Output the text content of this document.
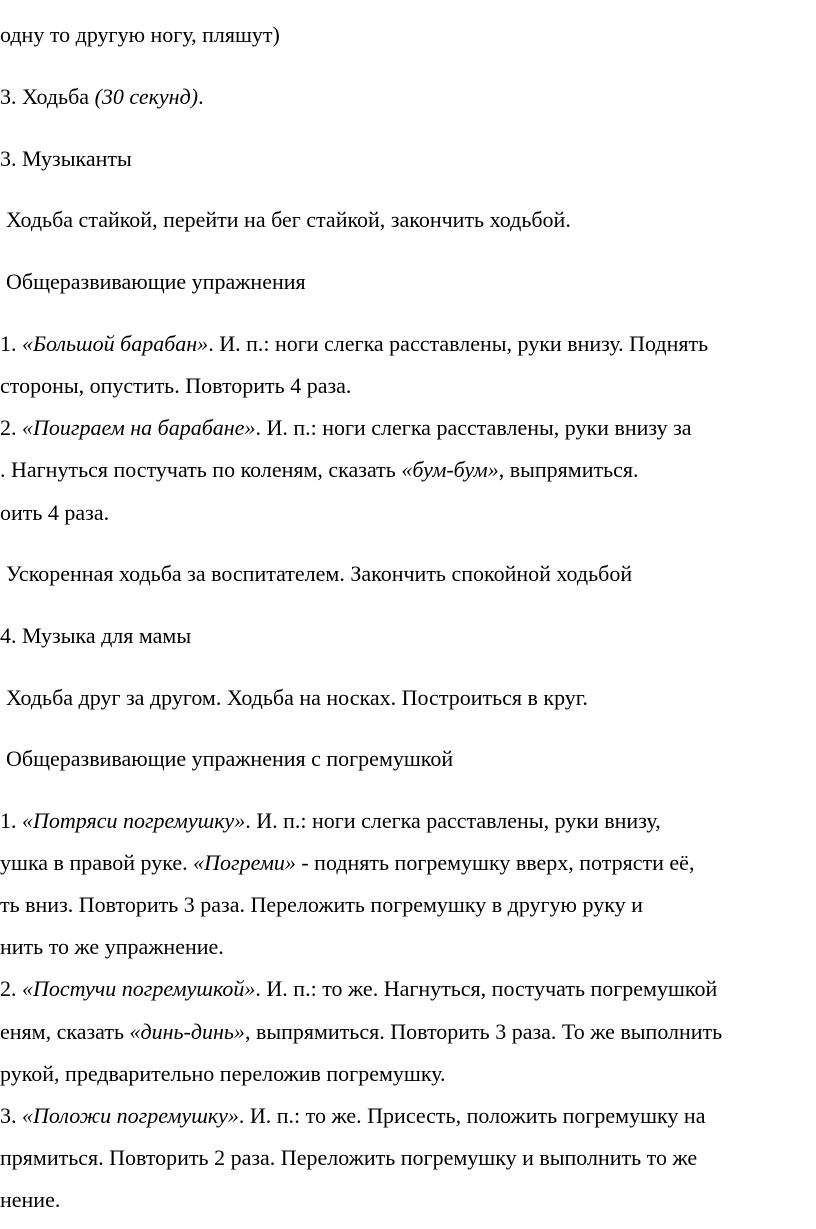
одну то другую ногу, пляшут)
3. Ходьба (30 секунд).
3. Музыканты
Ходьба стайкой, перейти на бег стайкой, закончить ходьбой.
Общеразвивающие упражнения
1. «Большой барабан». И. п.: ноги слегка расставлены, руки внизу. Поднять
стороны, опустить. Повторить 4 раза.
2. «Поиграем на барабане». И. п.: ноги слегка расставлены, руки внизу за
. Нагнуться постучать по коленям, сказать «бум-бум», выпрямиться.
оить 4 раза.
Ускоренная ходьба за воспитателем. Закончить спокойной ходьбой
4. Музыка для мамы
Ходьба друг за другом. Ходьба на носках. Построиться в круг.
Общеразвивающие упражнения с погремушкой
1. «Потряси погремушку». И. п.: ноги слегка расставлены, руки внизу,
ушка в правой руке. «Погреми» - поднять погремушку вверх, потрясти её,
ть вниз. Повторить 3 раза. Переложить погремушку в другую руку и
нить то же упражнение.
2. «Постучи погремушкой». И. п.: то же. Нагнуться, постучать погремушкой
еням, сказать «динь-динь», выпрямиться. Повторить 3 раза. То же выполнить
рукой, предварительно переложив погремушку.
3. «Положи погремушку». И. п.: то же. Присесть, положить погремушку на
прямиться. Повторить 2 раза. Переложить погремушку и выполнить то же
нение.
